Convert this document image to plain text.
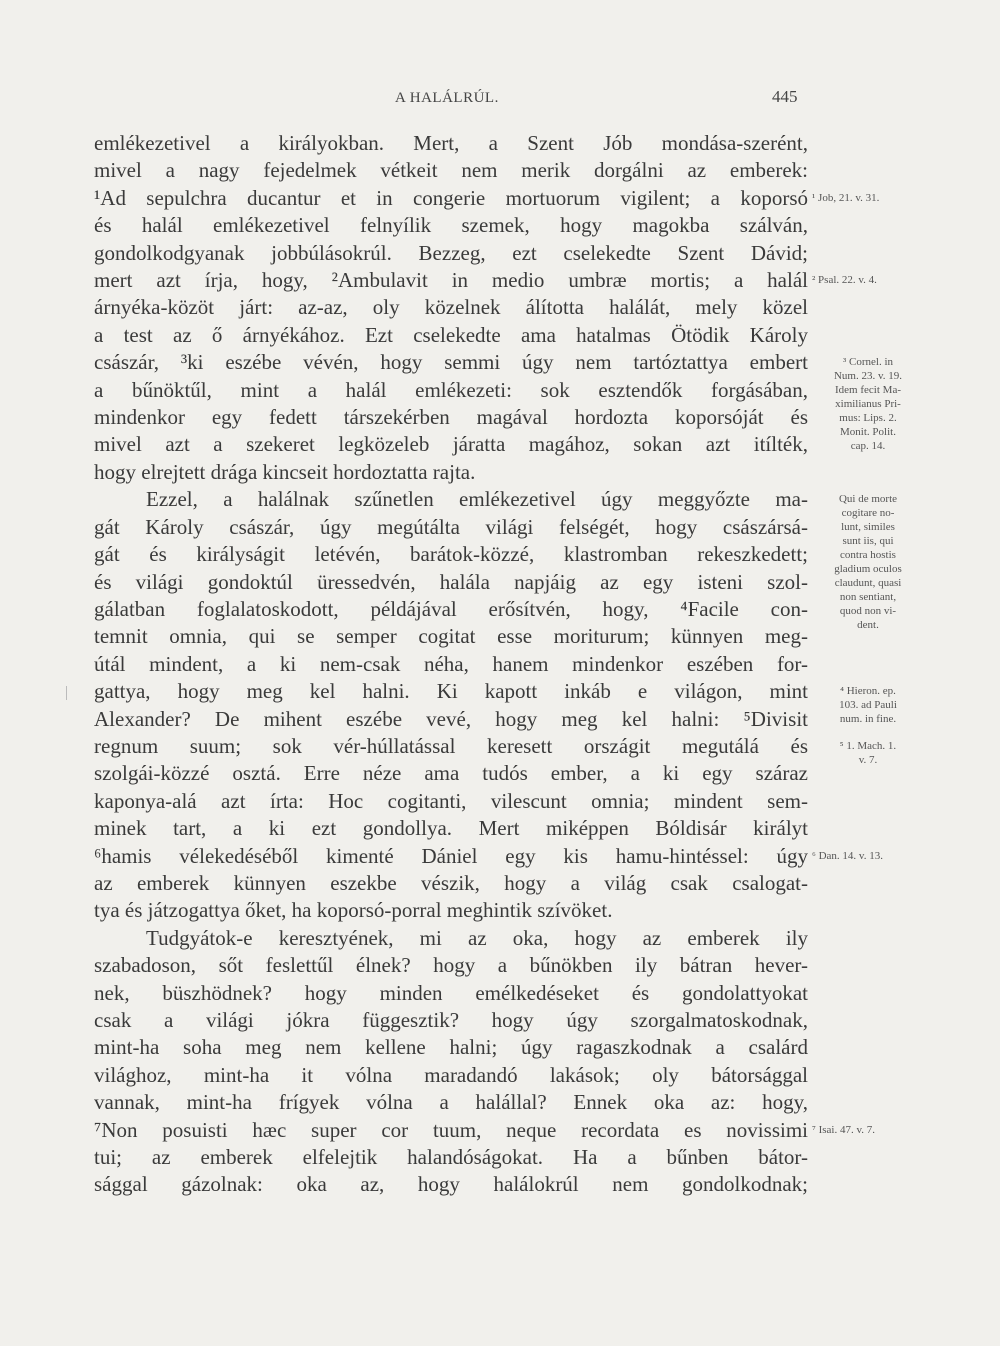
A HALÁLRÚL.	445
emlékezetivel a királyokban. Mert, a Szent Jób mondása-szerént,
mivel a nagy fejedelmek vétkeit nem merik dorgálni az emberek:
¹Ad sepulchra ducantur et in congerie mortuorum vigilent; a koporsó
és halál emlékezetivel felnyílik szemek, hogy magokba szálván,
gondolkodgyanak jobbúlásokrúl. Bezzeg, ezt cselekedte Szent Dávid;
mert azt írja, hogy, ²Ambulavit in medio umbræ mortis; a halál
árnyéka-közöt járt: az-az, oly közelnek álította halálát, mely közel
a test az ő árnyékához. Ezt cselekedte ama hatalmas Ötödik Károly
császár, ³ki eszébe vévén, hogy semmi úgy nem tartóztattya embert
a bűnöktűl, mint a halál emlékezeti: sok esztendők forgásában,
mindenkor egy fedett társzekérben magával hordozta koporsóját és
mivel azt a szekeret legközeleb járatta magához, sokan azt itílték,
hogy elrejtett drága kincseit hordoztatta rajta.
Ezzel, a halálnak szűnetlen emlékezetivel úgy meggyőzte ma-
gát Károly császár, úgy megútálta világi felségét, hogy császársá-
gát és királyságit letévén, barátok-közzé, klastromban rekeszkedett;
és világi gondoktúl üressedvén, halála napjáig az egy isteni szol-
gálatban foglalatoskodott, példájával erősítvén, hogy, ⁴Facile con-
temnit omnia, qui se semper cogitat esse moriturum; künnyen meg-
útál mindent, a ki nem-csak néha, hanem mindenkor eszében for-
gattya, hogy meg kel halni. Ki kapott inkáb e világon, mint
Alexander? De mihent eszébe vevé, hogy meg kel halni: ⁵Divisit
regnum suum; sok vér-húllatással keresett országit megutálá és
szolgái-közzé osztá. Erre néze ama tudós ember, a ki egy száraz
kaponya-alá azt írta: Hoc cogitanti, vilescunt omnia; mindent sem-
minek tart, a ki ezt gondollya. Mert miképpen Bóldisár királyt
⁶hamis vélekedéséből kimenté Dániel egy kis hamu-hintéssel: úgy
az emberek künnyen eszekbe vészik, hogy a világ csak csalogat-
tya és játzogattya őket, ha koporsó-porral meghintik szívöket.
Tudgyátok-e keresztyének, mi az oka, hogy az emberek ily
szabadoson, sőt feslettűl élnek? hogy a bűnökben ily bátran hever-
nek, büszhödnek? hogy minden emélkedéseket és gondolattyokat
csak a világi jókra függesztik? hogy úgy szorgalmatoskodnak,
mint-ha soha meg nem kellene halni; úgy ragaszkodnak a csalárd
világhoz, mint-ha it vólna maradandó lakások; oly bátorsággal
vannak, mint-ha frígyek vólna a halállal? Ennek oka az: hogy,
⁷Non posuisti hæc super cor tuum, neque recordata es novissimi
tui; az emberek elfelejtik halandóságokat. Ha a bűnben bátor-
sággal gázolnak: oka az, hogy halálokrúl nem gondolkodnak;
¹ Job, 21. v. 31.
² Psal. 22. v. 4.
³ Cornel. in
Num. 23. v. 19.
Idem fecit Ma-
ximilianus Pri-
mus: Lips. 2.
Monit. Polit.
cap. 14.
Qui de morte
cogitare no-
lunt, similes
sunt iis, qui
contra hostis
gladium oculos
claudunt, quasi
non sentiant,
quod non vi-
dent.
⁴ Hieron. ep.
103. ad Pauli
num. in fine.
⁵ 1. Mach. 1.
v. 7.
⁶ Dan. 14. v. 13.
⁷ Isai. 47. v. 7.
